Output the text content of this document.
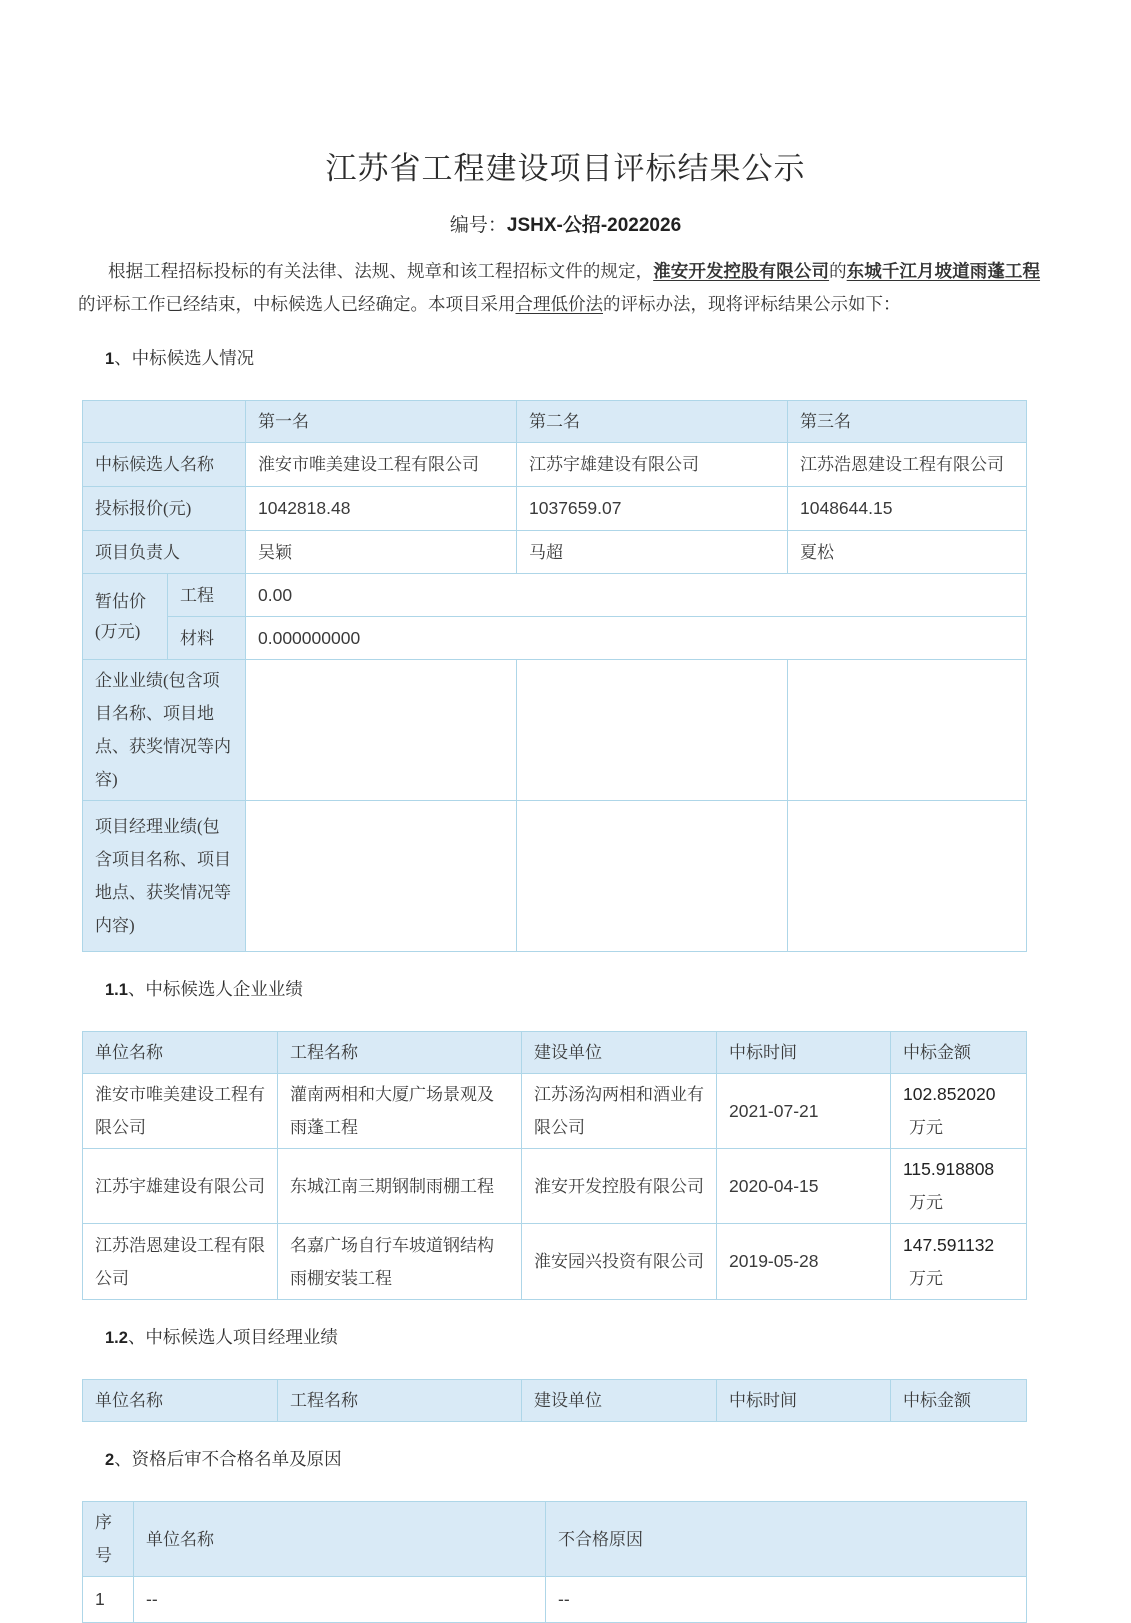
江苏省工程建设项目评标结果公示
编号：JSHX-公招-2022026

根据工程招标投标的有关法律、法规、规章和该工程招标文件的规定，淮安开发控股有限公司的东城千江月坡道雨蓬工程的评标工作已经结束，中标候选人已经确定。本项目采用合理低价法的评标办法，现将评标结果公示如下：

1、中标候选人情况
		第一名	第二名	第三名
中标候选人名称		淮安市唯美建设工程有限公司	江苏宇雄建设有限公司	江苏浩恩建设工程有限公司
投标报价(元)		1042818.48	1037659.07	1048644.15
项目负责人		吴颖	马超	夏松

暂估价
(万元)	工程	0.00		
	材料	0.000000000		
企业业绩(包含项目名称、项目地点、获奖情况等内容)				
项目经理业绩(包含项目名称、项目地点、获奖情况等内容)				
1.1、中标候选人企业业绩
单位名称	工程名称	建设单位	中标时间	中标金额
淮安市唯美建设工程有限公司	灌南两相和大厦广场景观及雨蓬工程	江苏汤沟两相和酒业有限公司	2021-07-21	102.852020万元
江苏宇雄建设有限公司	东城江南三期钢制雨棚工程	淮安开发控股有限公司	2020-04-15	115.918808万元
江苏浩恩建设工程有限公司	名嘉广场自行车坡道钢结构雨棚安装工程	淮安园兴投资有限公司	2019-05-28	147.591132万元
1.2、中标候选人项目经理业绩
单位名称	工程名称	建设单位	中标时间	中标金额
2、资格后审不合格名单及原因
序号	单位名称	不合格原因
1	--	--
